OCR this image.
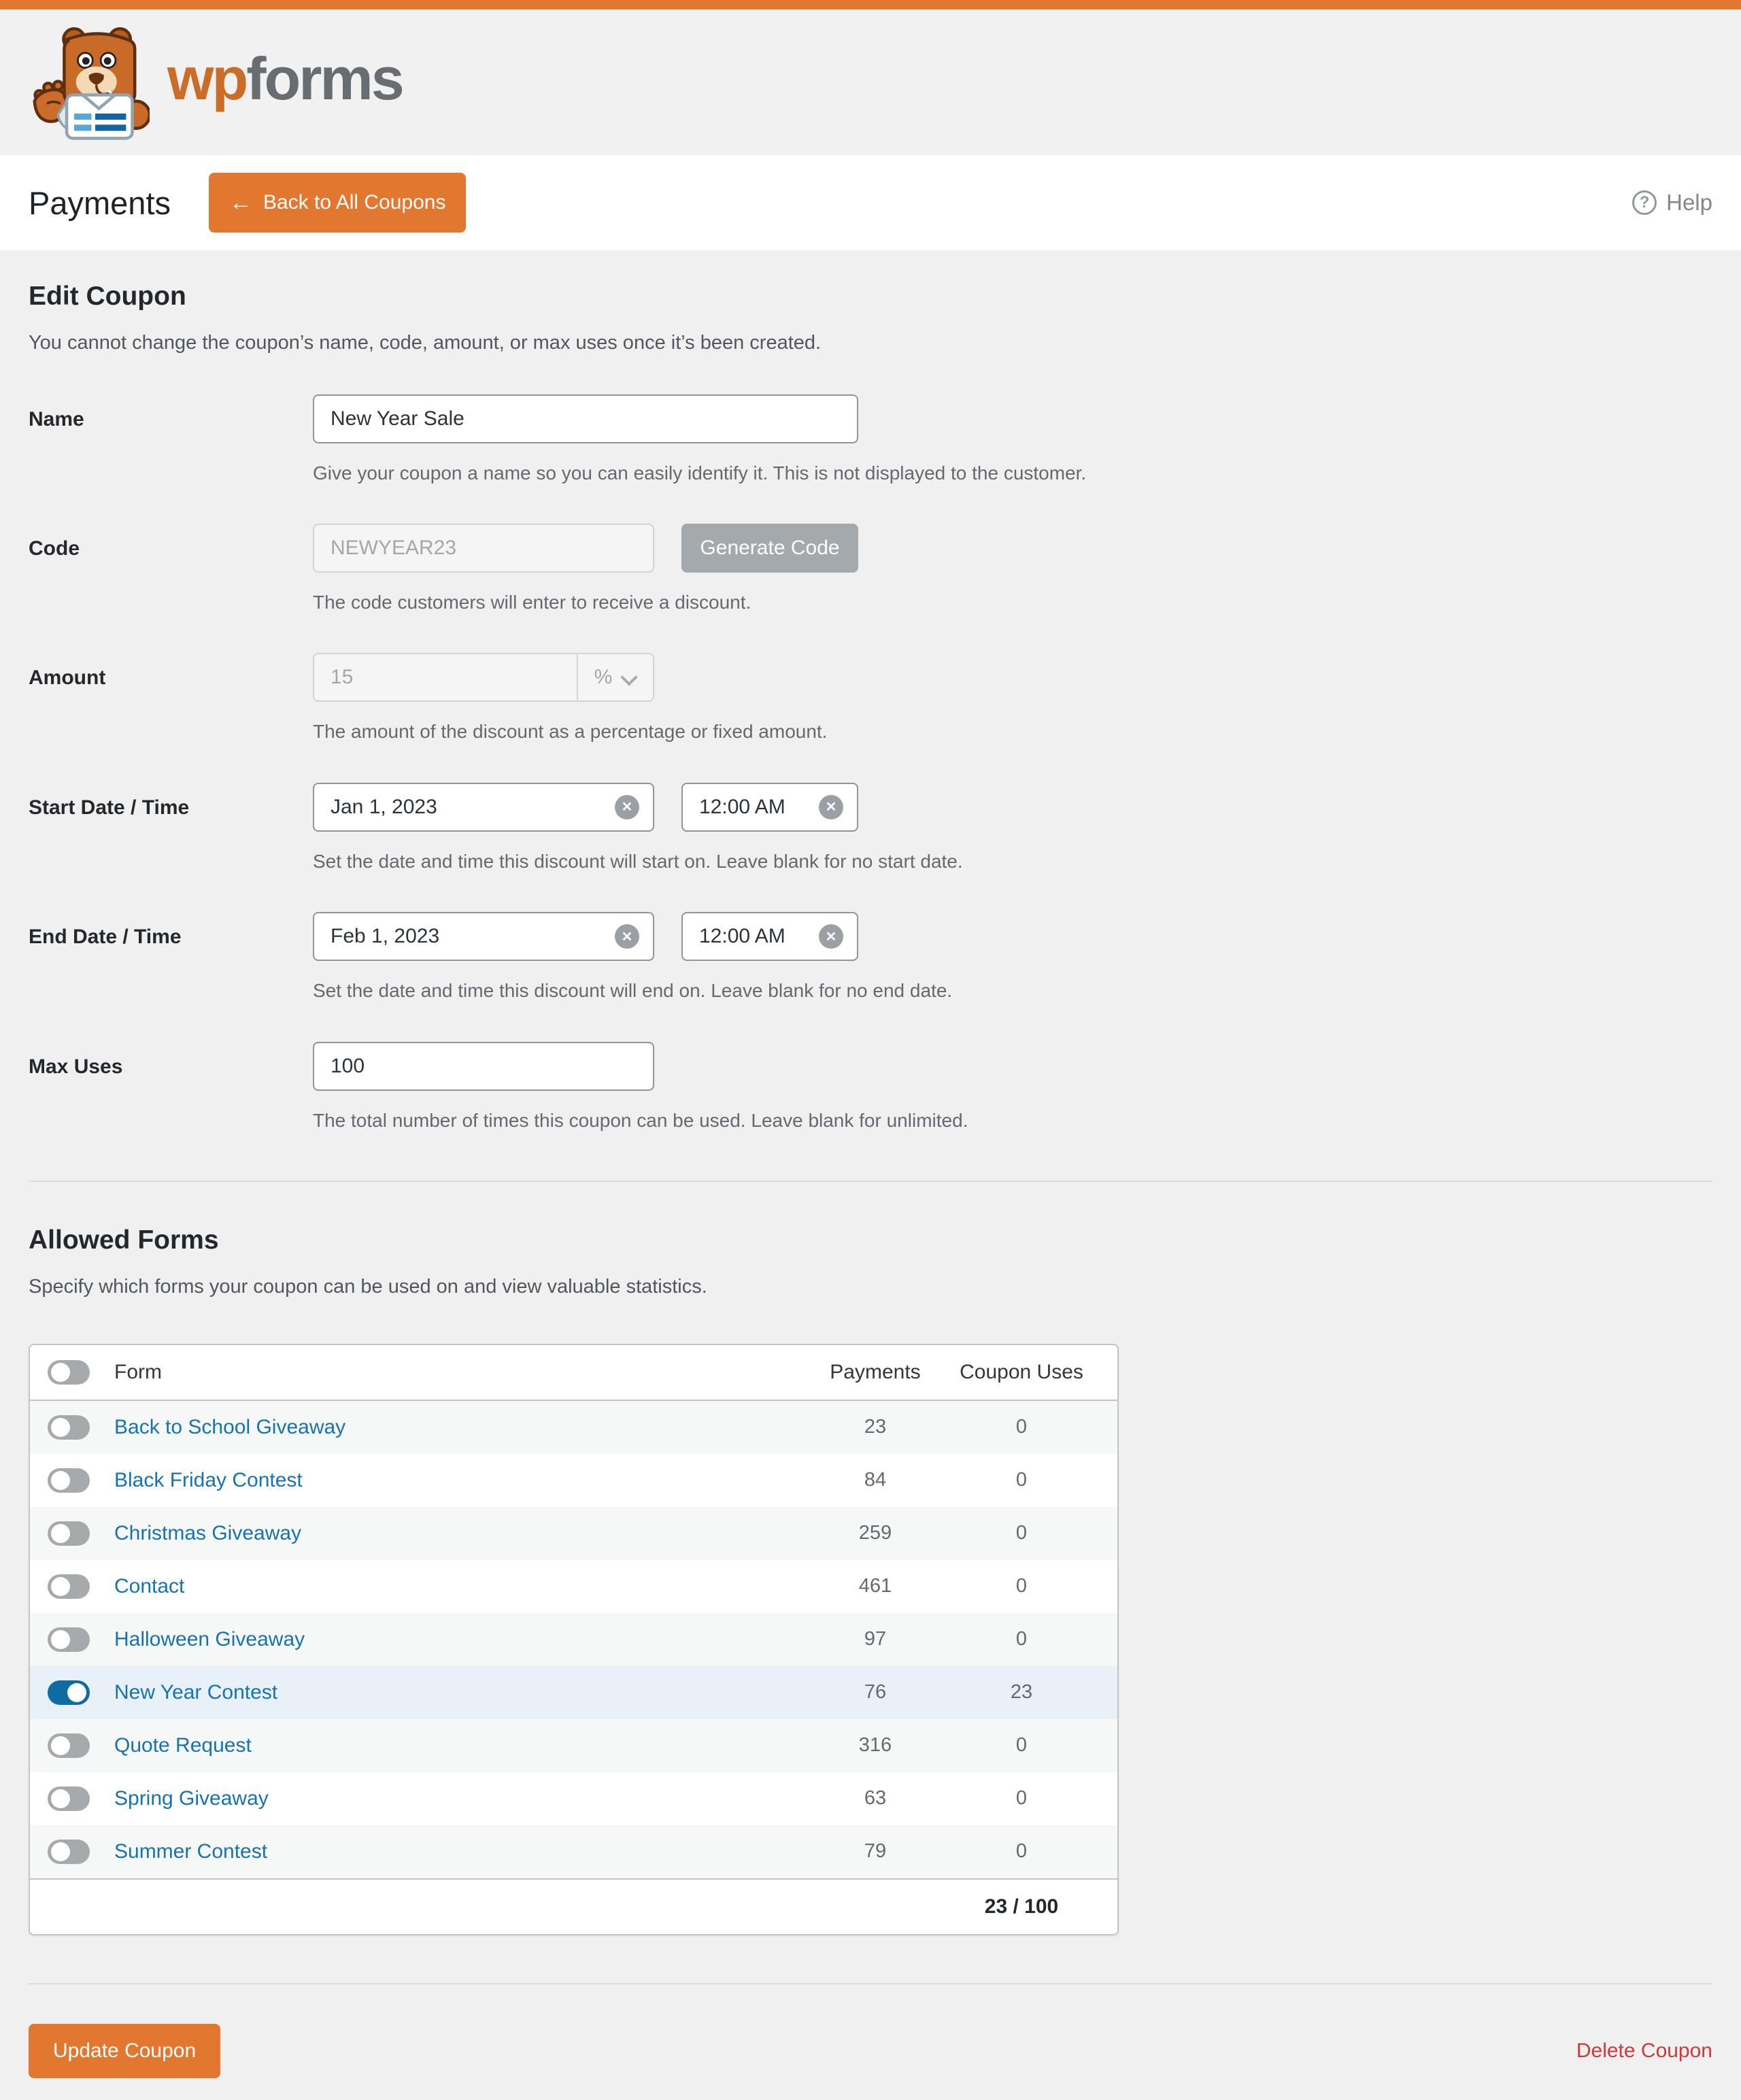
wpforms
Payments	← Back to All Coupons	? Help
Edit Coupon

You cannot change the coupon’s name, code, amount, or max uses once it’s been created.

Name
New Year Sale
Give your coupon a name so you can easily identify it. This is not displayed to the customer.
Code
NEWYEAR23	Generate Code
The code customers will enter to receive a discount.
Amount	15	%
The amount of the discount as a percentage or fixed amount.
Start Date / Time
Jan 1, 2023	✕
12:00 AM	✕
Set the date and time this discount will start on. Leave blank for no start date.
End Date / Time
Feb 1, 2023	✕
12:00 AM	✕
Set the date and time this discount will end on. Leave blank for no end date.
Max Uses
100
The total number of times this coupon can be used. Leave blank for unlimited.
Allowed Forms

Specify which forms your coupon can be used on and view valuable statistics.

Form	Payments	Coupon Uses
Back to School Giveaway	23	0
Black Friday Contest	84	0
Christmas Giveaway	259	0
Contact	461	0
Halloween Giveaway	97	0
New Year Contest	76	23
Quote Request	316	0
Spring Giveaway	63	0
Summer Contest	79	0
23 / 100
Update Coupon	Delete Coupon
